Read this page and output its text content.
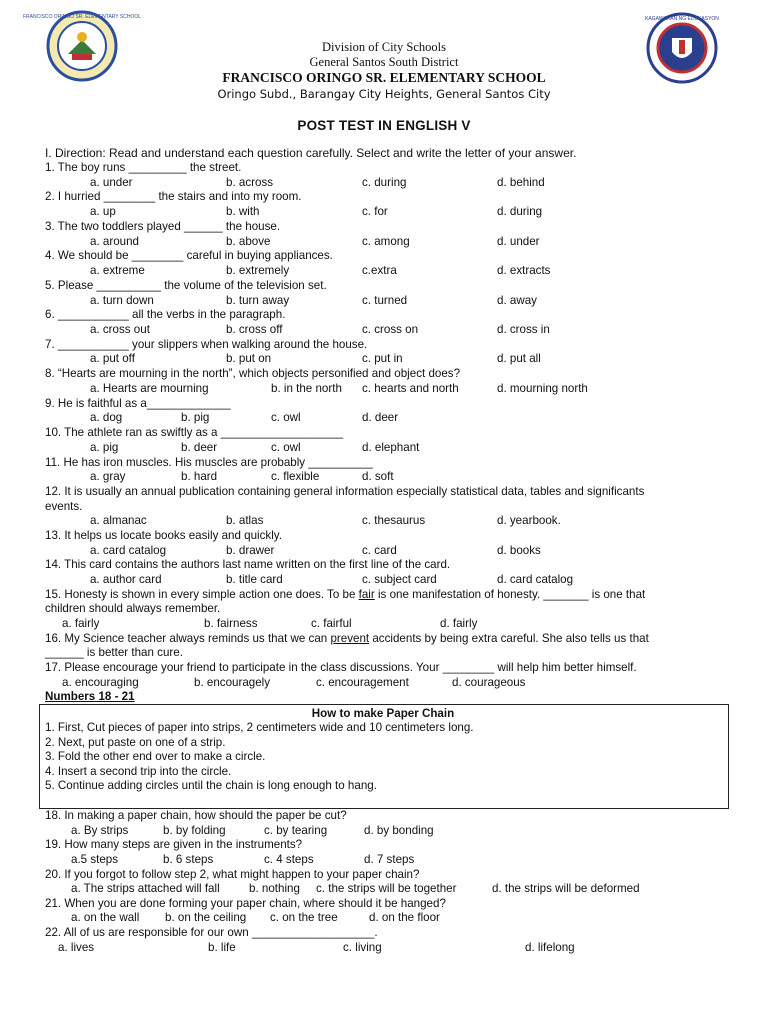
FRANCISCO ORINGO SR. ELEMENTARY SCHOOL	KAGAWARAN NG EDUKASYON
Division of City Schools
General Santos South District
FRANCISCO ORINGO SR. ELEMENTARY SCHOOL
Oringo Subd., Barangay City Heights, General Santos City
POST TEST IN ENGLISH V
I. Direction: Read and understand each question carefully. Select and write the letter of your answer.
1. The boy runs _________ the street.
a. under	b. across	c. during	d. behind
2. I hurried ________ the stairs and into my room.
a. up	b. with	c. for	d. during
3. The two toddlers played ______ the house.
a. around	b. above	c. among	d. under
4. We should be ________ careful in buying appliances.
a. extreme	b. extremely	c.extra	d. extracts
5. Please __________ the volume of the television set.
a. turn down	b. turn away	c. turned	d. away
6. ___________ all the verbs in the paragraph.
a. cross out	b. cross off	c. cross on	d. cross in
7. ___________ your slippers when walking around the house.
a. put off	b. put on	c. put in	d. put all
8. “Hearts are mourning in the north”, which objects personified and object does?
a. Hearts are mourning	b. in the north c. hearts and north	d. mourning north
9. He is faithful as a_____________
a. dog	b. pig	c. owl	d. deer
10. The athlete ran as swiftly as a ___________________
a. pig	b. deer	c. owl	d. elephant
11. He has iron muscles. His muscles are probably __________
a. gray	b. hard	c. flexible	d. soft
12. It is usually an annual publication containing general information especially statistical data, tables and significants
events.
a. almanac	b. atlas	c. thesaurus	d. yearbook.
13. It helps us locate books easily and quickly.
a. card catalog	b. drawer	c. card	d. books
14. This card contains the authors last name written on the first line of the card.
a. author card	b. title card	c. subject card	d. card catalog
15. Honesty is shown in every simple action one does. To be fair is one manifestation of honesty. _______ is one that
children should always remember.
a. fairly	b. fairness	c. fairful	d. fairly
16. My Science teacher always reminds us that we can prevent accidents by being extra careful. She also tells us that
______ is better than cure.
17. Please encourage your friend to participate in the class discussions. Your ________ will help him better himself.
a. encouraging	b. encouragely	c. encouragement	d. courageous
Numbers 18 - 21
How to make Paper Chain
1. First, Cut pieces of paper into strips, 2 centimeters wide and 10 centimeters long.
2. Next, put paste on one of a strip.
3. Fold the other end over to make a circle.
4. Insert a second trip into the circle.
5. Continue adding circles until the chain is long enough to hang.
18. In making a paper chain, how should the paper be cut?
a. By strips	b. by folding	c. by tearing	d. by bonding
19. How many steps are given in the instruments?
a.5 steps	b. 6 steps	c. 4 steps	d. 7 steps
20. If you forgot to follow step 2, what might happen to your paper chain?
a. The strips attached will fall	b. nothing c. the strips will be together	d. the strips will be deformed
21. When you are done forming your paper chain, where should it be hanged?
a. on the wall b. on the ceiling c. on the tree	d. on the floor
22. All of us are responsible for our own ___________________.
a. lives	b. life	c. living	d. lifelong
